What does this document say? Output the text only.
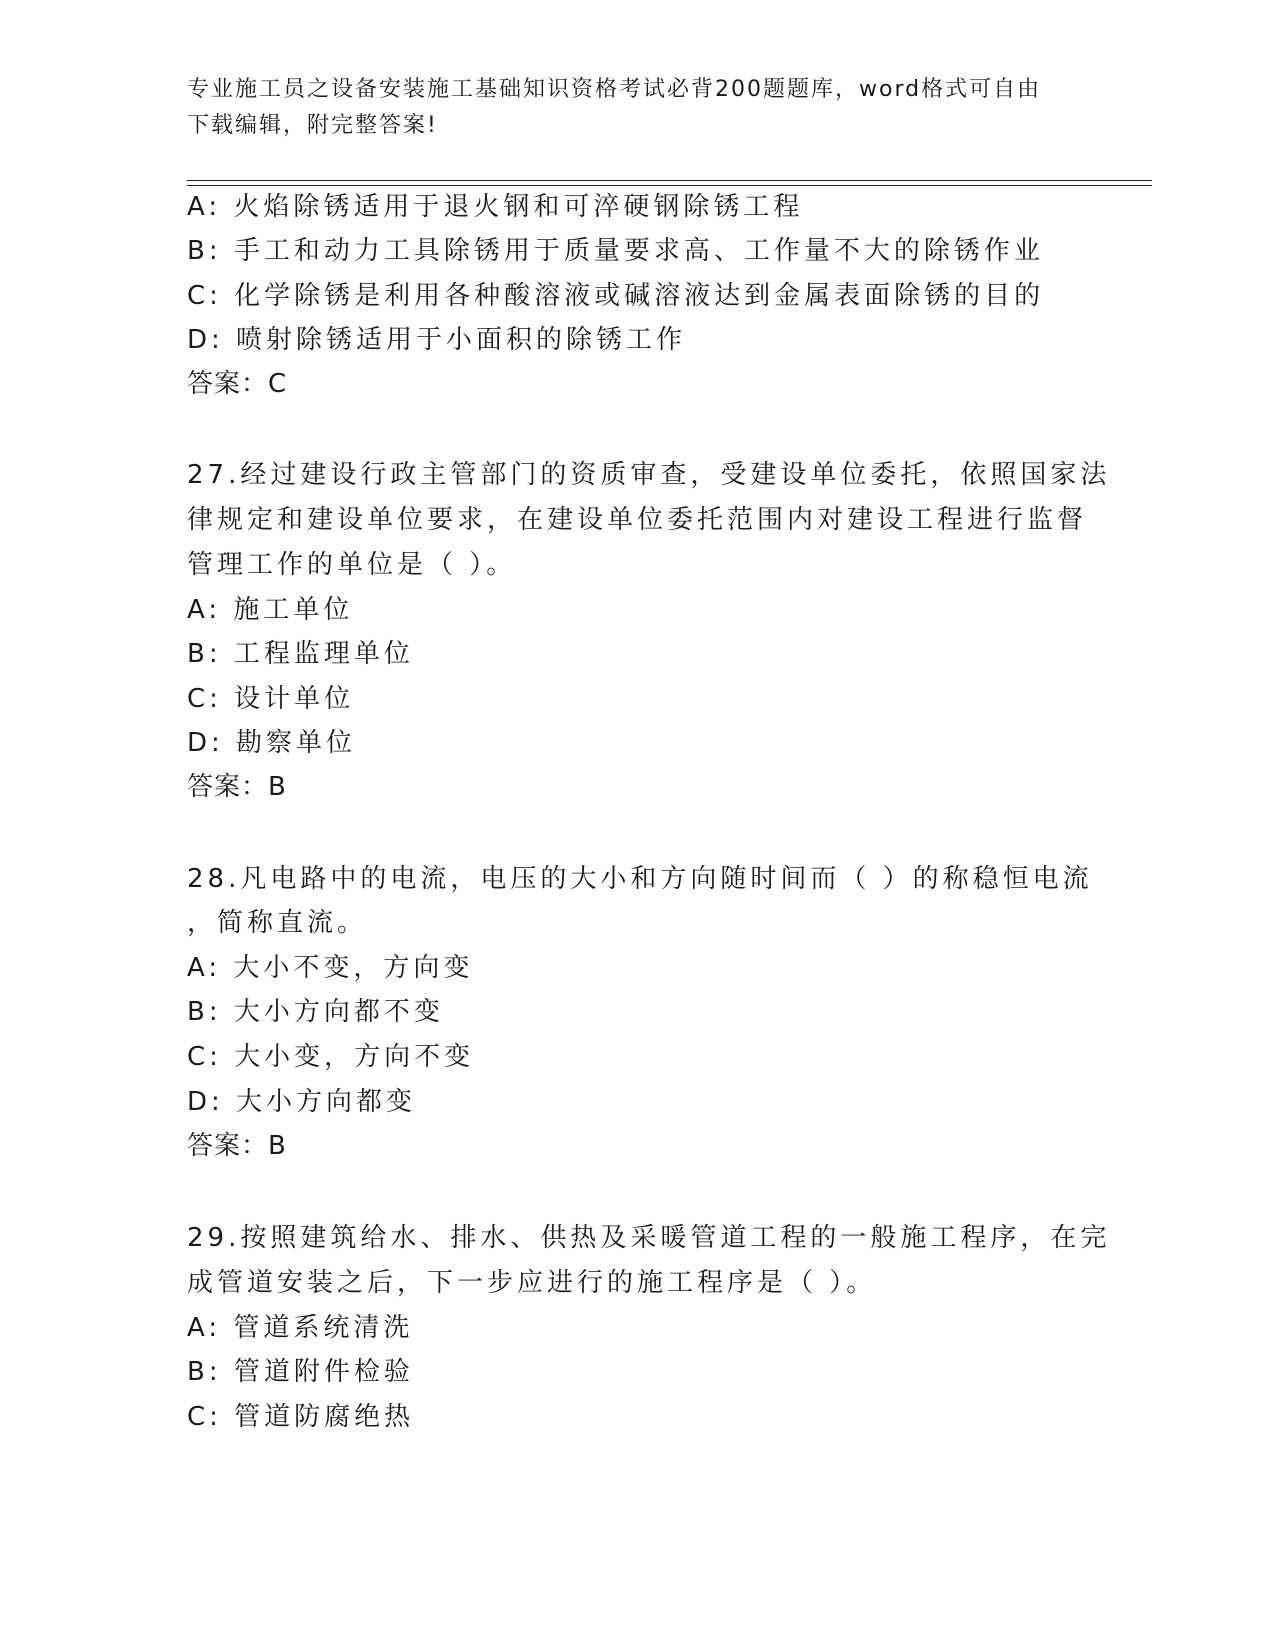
专业施工员之设备安装施工基础知识资格考试必背200题题库，word格式可自由
下载编辑，附完整答案!
A: 火焰除锈适用于退火钢和可淬硬钢除锈工程
B: 手工和动力工具除锈用于质量要求高、工作量不大的除锈作业
C: 化学除锈是利用各种酸溶液或碱溶液达到金属表面除锈的目的
D: 喷射除锈适用于小面积的除锈工作
答案：C
27.经过建设行政主管部门的资质审查，受建设单位委托，依照国家法
律规定和建设单位要求，在建设单位委托范围内对建设工程进行监督
管理工作的单位是（ ）。
A: 施工单位
B: 工程监理单位
C: 设计单位
D: 勘察单位
答案：B
28.凡电路中的电流，电压的大小和方向随时间而（ ）的称稳恒电流
，简称直流。
A: 大小不变，方向变
B: 大小方向都不变
C: 大小变，方向不变
D: 大小方向都变
答案：B
29.按照建筑给水、排水、供热及采暖管道工程的一般施工程序，在完
成管道安装之后，下一步应进行的施工程序是（ ）。
A: 管道系统清洗
B: 管道附件检验
C: 管道防腐绝热
